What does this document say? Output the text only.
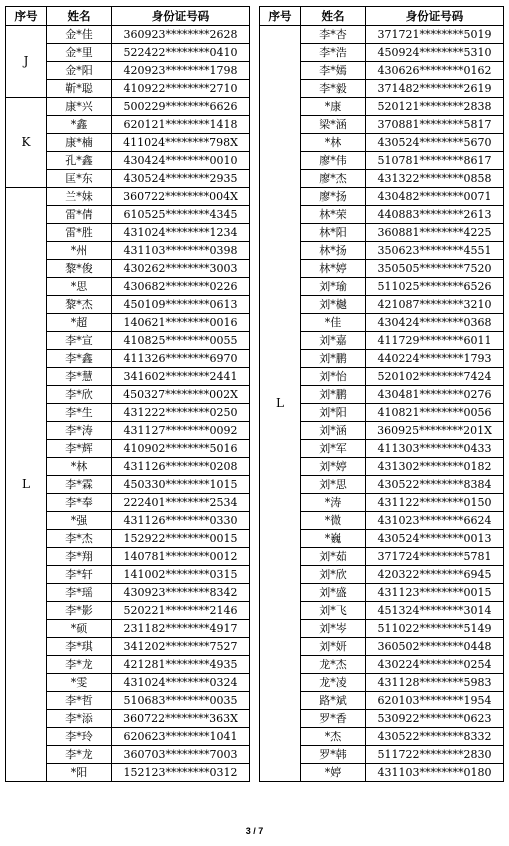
序号	姓名	身份证号码
J	金*佳	360923********2628
	金*里	522422********0410
	金*阳	420923********1798
	靳*聪	410922********2710
K	康*兴	500229********6626
	*鑫	620121********1418
	康*楠	411024********798X
	孔*鑫	430424********0010
	匡*东	430524********2935
L	兰*妹	360722********004X
	雷*倩	610525********4345
	雷*胜	431024********1234
	*州	431103********0398
	黎*俊	430262********3003
	*思	430682********0226
	黎*杰	450109********0613
	*超	140621********0016
	李*宣	410825********0055
	李*鑫	411326********6970
	李*慧	341602********2441
	李*欣	450327********002X
	李*生	431222********0250
	李*涛	431127********0092
	李*辉	410902********5016
	*林	431126********0208
	李*霖	450330********1015
	李*奉	222401********2534
	*强	431126********0330
	李*杰	152922********0015
	李*翔	140781********0012
	李*轩	141002********0315
	李*瑶	430923********8342
	李*影	520221********2146
	*硕	231182********4917
	李*琪	341202********7527
	李*龙	421281********4935
	*雯	431024********0324
	李*哲	510683********0035
	李*添	360722********363X
	李*玲	620623********1041
	李*龙	360703********7003
	*阳	152123********0312
序号	姓名	身份证号码
L	李*杏	371721********5019
	李*浩	450924********5310
	李*嫣	430626********0162
	李*毅	371482********2619
	*康	520121********2838
	梁*涵	370881********5817
	*林	430524********5670
	廖*伟	510781********8617
	廖*杰	431322********0858
	廖*扬	430482********0071
	林*荣	440883********2613
	林*阳	360881********4225
	林*扬	350623********4551
	林*婷	350505********7520
	刘*瑜	511025********6526
	刘*樾	421087********3210
	*佳	430424********0368
	刘*嘉	411729********6011
	刘*鹏	440224********1793
	刘*怡	520102********7424
	刘*鹏	430481********0276
	刘*阳	410821********0056
	刘*涵	360925********201X
	刘*军	411303********0433
	刘*婷	431302********0182
	刘*思	430522********8384
	*涛	431122********0150
	*微	431023********6624
	*巍	430524********0013
	刘*茹	371724********5781
	刘*欣	420322********6945
	刘*盛	431123********0015
	刘*飞	451324********3014
	刘*岑	511022********5149
	刘*妍	360502********0448
	龙*杰	430224********0254
	龙*凌	431128********5983
	路*斌	620103********1954
	罗*香	530922********0623
	*杰	430522********8332
	罗*韩	511722********2830
	*婷	431103********0180
3 / 7
